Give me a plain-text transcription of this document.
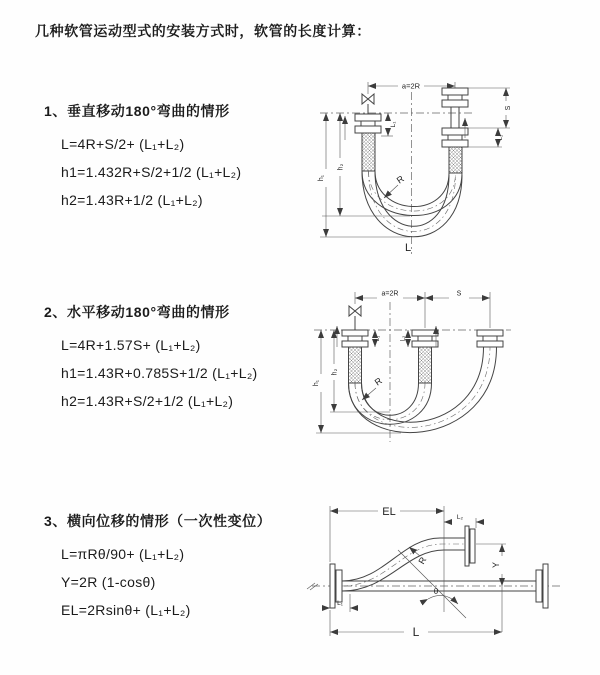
几种软管运动型式的安装方式时，软管的长度计算：
1、垂直移动180°弯曲的情形
L=4R+S/2+ (L₁+L₂)
h1=1.432R+S/2+1/2 (L₁+L₂)
h2=1.43R+1/2 (L₁+L₂)
2、水平移动180°弯曲的情形
L=4R+1.57S+ (L₁+L₂)
h1=1.43R+0.785S+1/2 (L₁+L₂)
h2=1.43R+S/2+1/2 (L₁+L₂)
3、横向位移的情形（一次性变位）
L=πRθ/90+ (L₁+L₂)
Y=2R (1-cosθ)
EL=2Rsinθ+ (L₁+L₂)
a=2R
h₂
h₁
L₁
S
L₂
R
L
a=2R	S
h₂
h₁
L₁	L₂
R
EL	L₂
Y
L
L₁
R
θ
